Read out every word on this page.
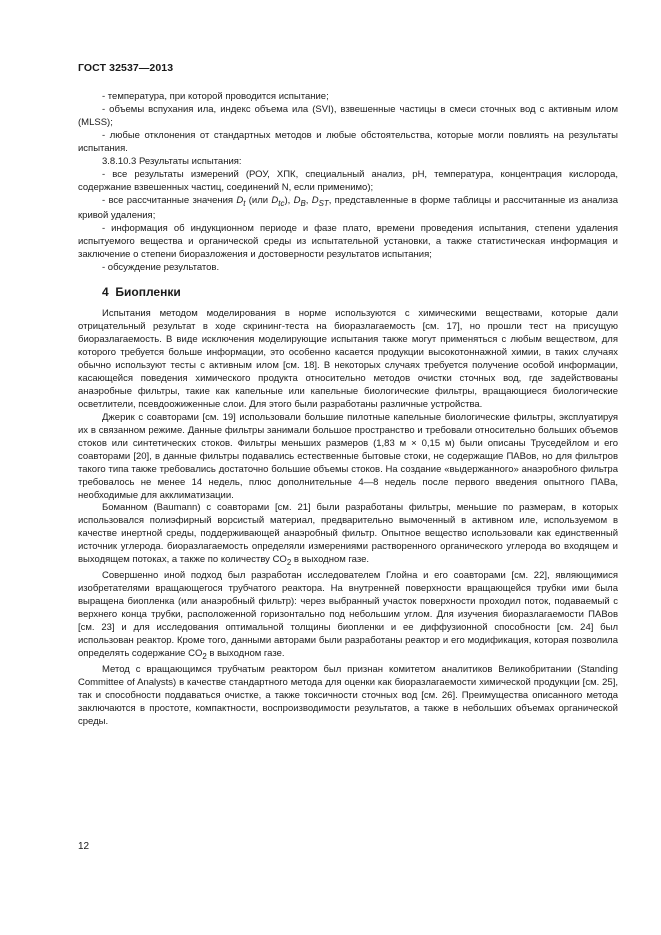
ГОСТ 32537—2013

- температура, при которой проводится испытание;

- объемы вспухания ила, индекс объема ила (SVI), взвешенные частицы в смеси сточных вод с активным илом (MLSS);

- любые отклонения от стандартных методов и любые обстоятельства, которые могли повлиять на результаты испытания.

3.8.10.3 Результаты испытания:

- все результаты измерений (РОУ, ХПК, специальный анализ, рН, температура, концентрация кислорода, содержание взвешенных частиц, соединений N, если применимо);

- все рассчитанные значения $D_t$ (или $D_{tc}$), $D_B$, $D_{ST}$, представленные в форме таблицы и рассчитанные из анализа кривой удаления;

- информация об индукционном периоде и фазе плато, времени проведения испытания, степени удаления испытуемого вещества и органической среды из испытательной установки, а также статистическая информация и заключение о степени биоразложения и достоверности результатов испытания;

- обсуждение результатов.

4 Биопленки

Испытания методом моделирования в норме используются с химическими веществами, которые дали отрицательный результат в ходе скрининг-теста на биоразлагаемость [см. 17], но прошли тест на присущую биоразлагаемость. В виде исключения моделирующие испытания также могут применяться с любым веществом, для которого требуется больше информации, это особенно касается продукции высокотоннажной химии, в таких случаях обычно используют тесты с активным илом [см. 18]. В некоторых случаях требуется получение особой информации, касающейся поведения химического продукта относительно методов очистки сточных вод, где задействованы анаэробные фильтры, такие как капельные или капельные биологические фильтры, вращающиеся биологические осветлители, псевдоожиженные слои. Для этого были разработаны различные устройства.

Джерик с соавторами [см. 19] использовали большие пилотные капельные биологические фильтры, эксплуатируя их в связанном режиме. Данные фильтры занимали большое пространство и требовали относительно больших объемов стоков или синтетических стоков. Фильтры меньших размеров (1,83 м × 0,15 м) были описаны Труседейлом и его соавторами [20], в данные фильтры подавались естественные бытовые стоки, не содержащие ПАВов, но для фильтров такого типа также требовались достаточно большие объемы стоков. На создание «выдержанного» анаэробного фильтра требовалось не менее 14 недель, плюс дополнительные 4—8 недель после первого введения опытного ПАВа, необходимые для акклиматизации.

Боманном (Baumann) с соавторами [см. 21] были разработаны фильтры, меньшие по размерам, в которых использовался полиэфирный ворсистый материал, предварительно вымоченный в активном иле, используемом в качестве инертной среды, поддерживающей анаэробный фильтр. Опытное вещество использовали как единственный источник углерода. биоразлагаемость определяли измерениями растворенного органического углерода во входящем и выходящем потоках, а также по количеству $CO_2$ в выходном газе.

Совершенно иной подход был разработан исследователем Глойна и его соавторами [см. 22], являющимися изобретателями вращающегося трубчатого реактора. На внутренней поверхности вращающейся трубки ими была выращена биопленка (или анаэробный фильтр): через выбранный участок поверхности проходил поток, подаваемый с верхнего конца трубки, расположенной горизонтально под небольшим углом. Для изучения биоразлагаемости ПАВов [см. 23] и для исследования оптимальной толщины биопленки и ее диффузионной способности [см. 24] был использован реактор. Кроме того, данными авторами были разработаны реактор и его модификация, которая позволила определять содержание $CO_2$ в выходном газе.

Метод с вращающимся трубчатым реактором был признан комитетом аналитиков Великобритании (Standing Committee of Analysts) в качестве стандартного метода для оценки как биоразлагаемости химической продукции [см. 25], так и способности поддаваться очистке, а также токсичности сточных вод [см. 26]. Преимущества описанного метода заключаются в простоте, компактности, воспроизводимости результатов, а также в небольших объемах органической среды.

12
